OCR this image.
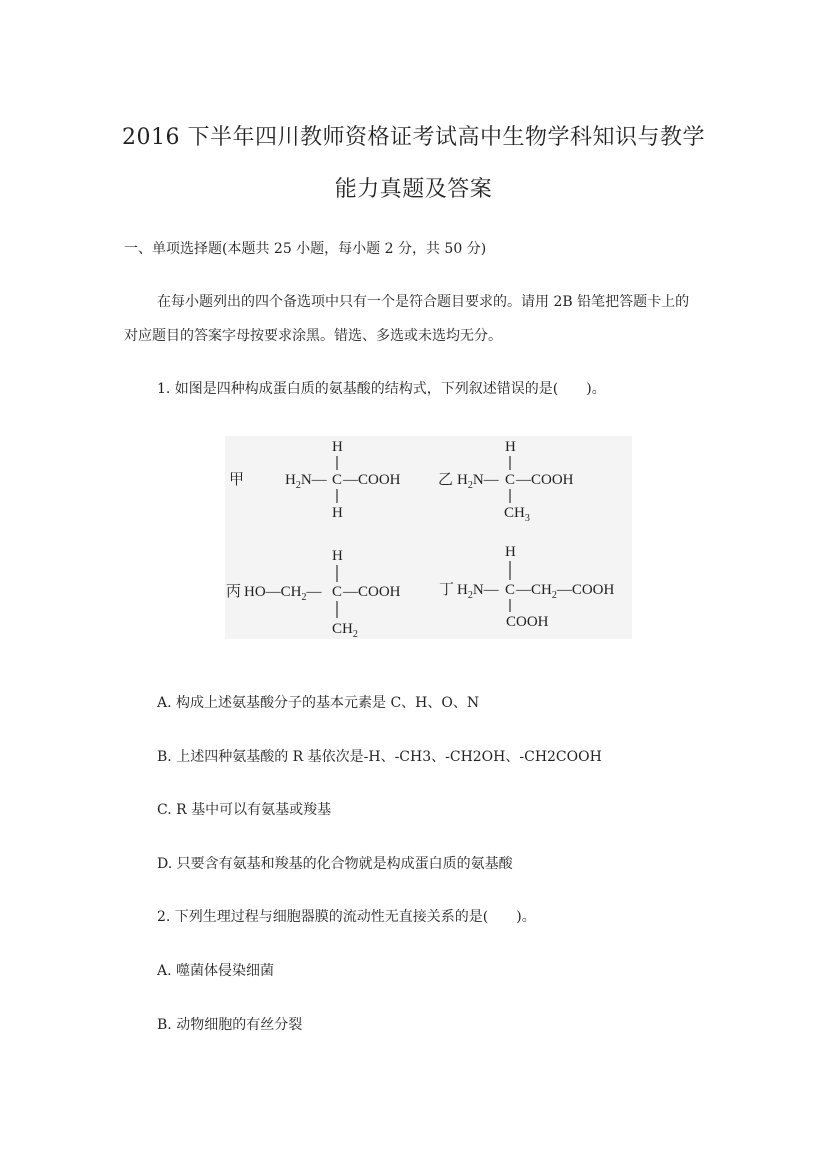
2016 下半年四川教师资格证考试高中生物学科知识与教学
能力真题及答案
一、单项选择题(本题共 25 小题，每小题 2 分，共 50 分)
在每小题列出的四个备选项中只有一个是符合题目要求的。请用 2B 铅笔把答题卡上的
对应题目的答案字母按要求涂黑。错选、多选或未选均无分。
1. 如图是四种构成蛋白质的氨基酸的结构式，下列叙述错误的是(　　)。
甲	$H_2N—$ C —COOH
H
H
乙 $H_2N—$ C —COOH
H
$CH_3$
丙 $HO—CH_2—$ C —COOH
H
$CH_2$
丁 $H_2N—$ C $—CH_2—COOH$
H
COOH
A. 构成上述氨基酸分子的基本元素是 C、H、O、N
B. 上述四种氨基酸的 R 基依次是-H、-CH3、-CH2OH、-CH2COOH
C. R 基中可以有氨基或羧基
D. 只要含有氨基和羧基的化合物就是构成蛋白质的氨基酸
2. 下列生理过程与细胞器膜的流动性无直接关系的是(　　)。
A. 噬菌体侵染细菌
B. 动物细胞的有丝分裂
